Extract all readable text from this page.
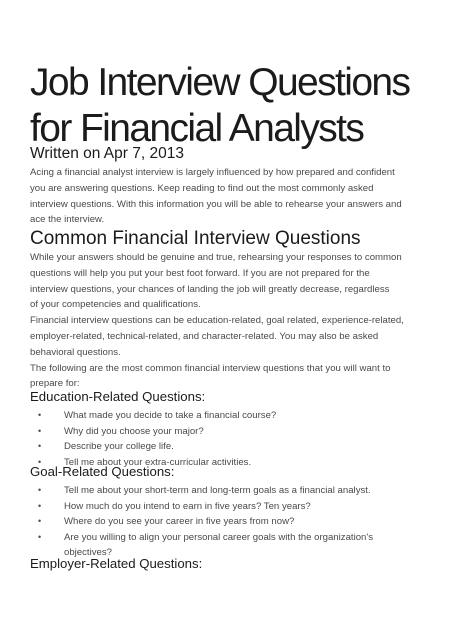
Job Interview Questions
for Financial Analysts
Written on Apr 7, 2013

Acing a financial analyst interview is largely influenced by how prepared and confident

you are answering questions. Keep reading to find out the most commonly asked

interview questions. With this information you will be able to rehearse your answers and

ace the interview.

Common Financial Interview Questions

While your answers should be genuine and true, rehearsing your responses to common

questions will help you put your best foot forward. If you are not prepared for the

interview questions, your chances of landing the job will greatly decrease, regardless

of your competencies and qualifications.

Financial interview questions can be education-related, goal related, experience-related,

employer-related, technical-related, and character-related. You may also be asked

behavioral questions.

The following are the most common financial interview questions that you will want to

prepare for:

Education-Related Questions:
• What made you decide to take a financial course?
• Why did you choose your major?
• Describe your college life.
• Tell me about your extra-curricular activities.
Goal-Related Questions:
• Tell me about your short-term and long-term goals as a financial analyst.
• How much do you intend to earn in five years? Ten years?
• Where do you see your career in five years from now?
• Are you willing to align your personal career goals with the organization's
objectives?
Employer-Related Questions:
